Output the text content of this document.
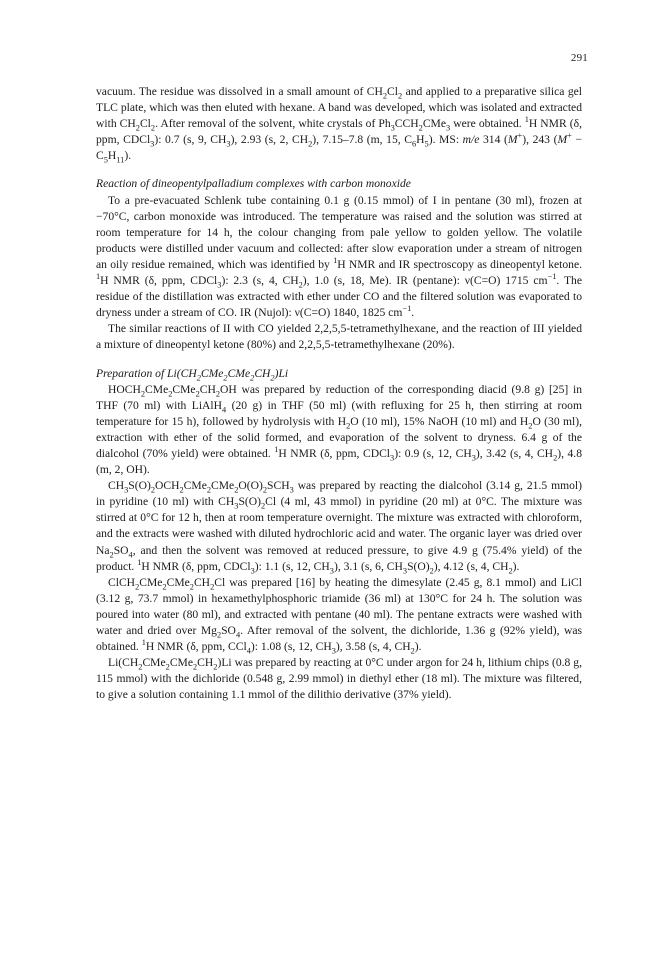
291

vacuum. The residue was dissolved in a small amount of $CH_2Cl_2$ and applied to a preparative silica gel TLC plate, which was then eluted with hexane. A band was developed, which was isolated and extracted with $CH_2Cl_2$. After removal of the solvent, white crystals of $Ph_3CCH_2CMe_3$ were obtained. $^1$H NMR (δ, ppm, CDCl$_3$): 0.7 (s, 9, $CH_3$), 2.93 (s, 2, $CH_2$), 7.15–7.8 (m, 15, $C_6H_5$). MS: m/e 314 (M+), 243 $(M^+ - C_5H_{11})$.

Reaction of dineopentylpalladium complexes with carbon monoxide

To a pre-evacuated Schlenk tube containing 0.1 g (0.15 mmol) of I in pentane (30 ml), frozen at −70°C, carbon monoxide was introduced. The temperature was raised and the solution was stirred at room temperature for 14 h, the colour changing from pale yellow to golden yellow. The volatile products were distilled under vacuum and collected: after slow evaporation under a stream of nitrogen an oily residue remained, which was identified by $^1$H NMR and IR spectroscopy as dineopentyl ketone. $^1$H NMR (δ, ppm, CDCl$_3$): 2.3 (s, 4, $CH_2$), 1.0 (s, 18, Me). IR (pentane): ν(C=O) 1715 $cm^{-1}$. The residue of the distillation was extracted with ether under CO and the filtered solution was evaporated to dryness under a stream of CO. IR (Nujol): ν(C=O) 1840, 1825 $cm^{-1}$.

The similar reactions of II with CO yielded 2,2,5,5-tetramethylhexane, and the reaction of III yielded a mixture of dineopentyl ketone (80%) and 2,2,5,5-tetramethylhexane (20%).

Preparation of $Li(CH_2CMe_2CMe_2CH_2)Li$

$HOCH_2CMe_2CMe_2CH_2OH$ was prepared by reduction of the corresponding diacid (9.8 g) [25] in THF (70 ml) with LiAlH$_4$ (20 g) in THF (50 ml) (with refluxing for 25 h, then stirring at room temperature for 15 h), followed by hydrolysis with $H_2O$ (10 ml), 15% NaOH (10 ml) and $H_2O$ (30 ml), extraction with ether of the solid formed, and evaporation of the solvent to dryness. 6.4 g of the dialcohol (70% yield) were obtained. $^1$H NMR (δ, ppm, CDCl$_3$): 0.9 (s, 12, $CH_3$), 3.42 (s, 4, $CH_2$), 4.8 (m, 2, OH).

$CH_3S(O)_2OCH_2CMe_2CMe_2O(O)_2SCH_3$ was prepared by reacting the dialcohol (3.14 g, 21.5 mmol) in pyridine (10 ml) with $CH_3S(O)_2Cl$ (4 ml, 43 mmol) in pyridine (20 ml) at 0°C. The mixture was stirred at 0°C for 12 h, then at room temperature overnight. The mixture was extracted with chloroform, and the extracts were washed with diluted hydrochloric acid and water. The organic layer was dried over $Na_2SO_4$, and then the solvent was removed at reduced pressure, to give 4.9 g (75.4% yield) of the product. $^1$H NMR (δ, ppm, CDCl$_3$): 1.1 (s, 12, $CH_3$), 3.1 (s, 6, $CH_3S(O)_2$), 4.12 (s, 4, $CH_2$).

$ClCH_2CMe_2CMe_2CH_2Cl$ was prepared [16] by heating the dimesylate (2.45 g, 8.1 mmol) and LiCl (3.12 g, 73.7 mmol) in hexamethylphosphoric triamide (36 ml) at 130°C for 24 h. The solution was poured into water (80 ml), and extracted with pentane (40 ml). The pentane extracts were washed with water and dried over $Mg_2SO_4$. After removal of the solvent, the dichloride, 1.36 g (92% yield), was obtained. $^1$H NMR (δ, ppm, CCl$_4$): 1.08 (s, 12, $CH_3$), 3.58 (s, 4, $CH_2$).

$Li(CH_2CMe_2CMe_2CH_2)Li$ was prepared by reacting at 0°C under argon for 24 h, lithium chips (0.8 g, 115 mmol) with the dichloride (0.548 g, 2.99 mmol) in diethyl ether (18 ml). The mixture was filtered, to give a solution containing 1.1 mmol of the dilithio derivative (37% yield).
